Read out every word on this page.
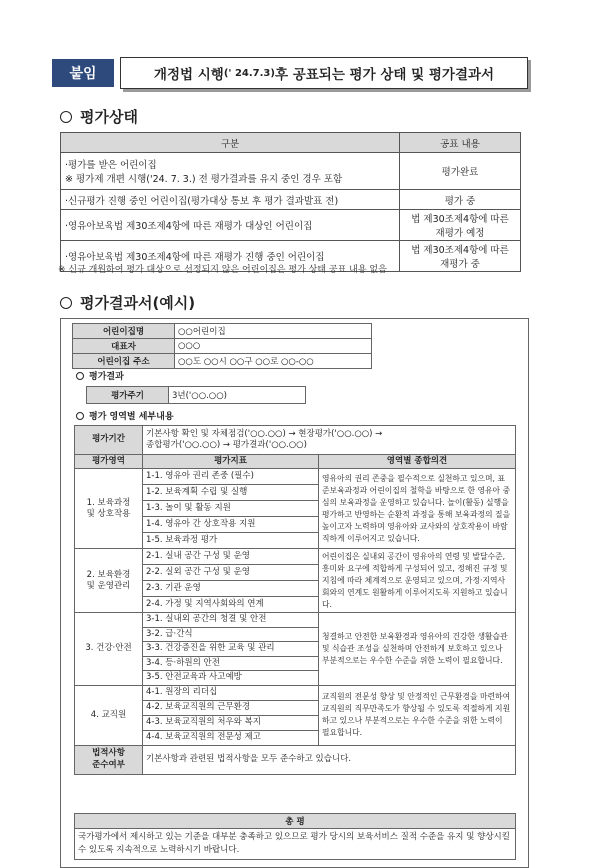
붙임	개정법 시행 (' 24.7.3) 후 공표되는 평가 상태 및 평가결과서
평가상태
구분	공표 내용

·평가를 받은 어린이집
※ 평가제 개편 시행('24. 7. 3.) 전 평가결과를 유지 중인 경우 포함	평가완료

·신규평가 진행 중인 어린이집(평가대상 통보 후 평가 결과발표 전)	평가 중

·영유아보육법 제30조제4항에 따른 재평가 대상인 어린이집	법 제30조제4항에 따른
재평가 예정

·영유아보육법 제30조제4항에 따른 재평가 진행 중인 어린이집	법 제30조제4항에 따른
재평가 중
※ 신규 개원하여 평가 대상으로 선정되지 않은 어린이집은 평가 상태 공표 내용 없음
평가결과서(예시)
어린이집명	○○어린이집
대표자	○○○
어린이집 주소	○○도 ○○시 ○○구 ○○로 ○○-○○
평가결과
평가주기	3년('○○.○○)
평가 영역별 세부내용
평가기간	기본사항 확인 및 자체점검('○○.○○) → 현장평가('○○.○○) →
종합평가('○○.○○) → 평가결과('○○.○○)	

평가영역	평가지표	영역별 종합의견

1. 보육과정
및 상호작용	1-1. 영유아 권리 존중 (필수)	영유아의 권리 존중을 필수적으로 실천하고 있으며, 표준보육과정과 어린이집의 철학을 바탕으로 한 영유아 중심의 보육과정을 운영하고 있습니다. 놀이(활동) 실행을 평가하고 반영하는 순환적 과정을 통해 보육과정의 질을 높이고자 노력하며 영유아와 교사와의 상호작용이 바람직하게 이루어지고 있습니다.
	1-2. 보육계획 수립 및 실행	
	1-3. 놀이 및 활동 지원	
	1-4. 영유아 간 상호작용 지원	
	1-5. 보육과정 평가	

2. 보육환경
및 운영관리	2-1. 실내 공간 구성 및 운영	어린이집은 실내외 공간이 영유아의 연령 및 발달수준, 흥미와 요구에 적합하게 구성되어 있고, 정해진 규정 및 지침에 따라 체계적으로 운영되고 있으며, 가정·지역사회와의 연계도 원활하게 이루어지도록 지원하고 있습니다.
	2-2. 실외 공간 구성 및 운영	
	2-3. 기관 운영	
	2-4. 가정 및 지역사회와의 연계	

3. 건강·안전	3-1. 실내외 공간의 청결 및 안전	청결하고 안전한 보육환경과 영유아의 건강한 생활습관 및 식습관 조성을 실천하며 안전하게 보호하고 있으나 부분적으로는 우수한 수준을 위한 노력이 필요합니다.
	3-2. 급·간식	
	3-3. 건강증진을 위한 교육 및 관리	
	3-4. 등·하원의 안전	
	3-5. 안전교육과 사고예방	

4. 교직원	4-1. 원장의 리더십	교직원의 전문성 향상 및 안정적인 근무환경을 마련하여 교직원의 직무만족도가 향상될 수 있도록 적절하게 지원하고 있으나 부분적으로는 우수한 수준을 위한 노력이 필요합니다.
	4-2. 보육교직원의 근무환경	
	4-3. 보육교직원의 처우와 복지	
	4-4. 보육교직원의 전문성 제고	

법적사항
준수여부	기본사항과 관련된 법적사항을 모두 준수하고 있습니다.	
총 평
국가평가에서 제시하고 있는 기준을 대부분 충족하고 있으므로 평가 당시의 보육서비스 질적 수준을 유지 및 향상시킬 수 있도록 지속적으로 노력하시기 바랍니다.
